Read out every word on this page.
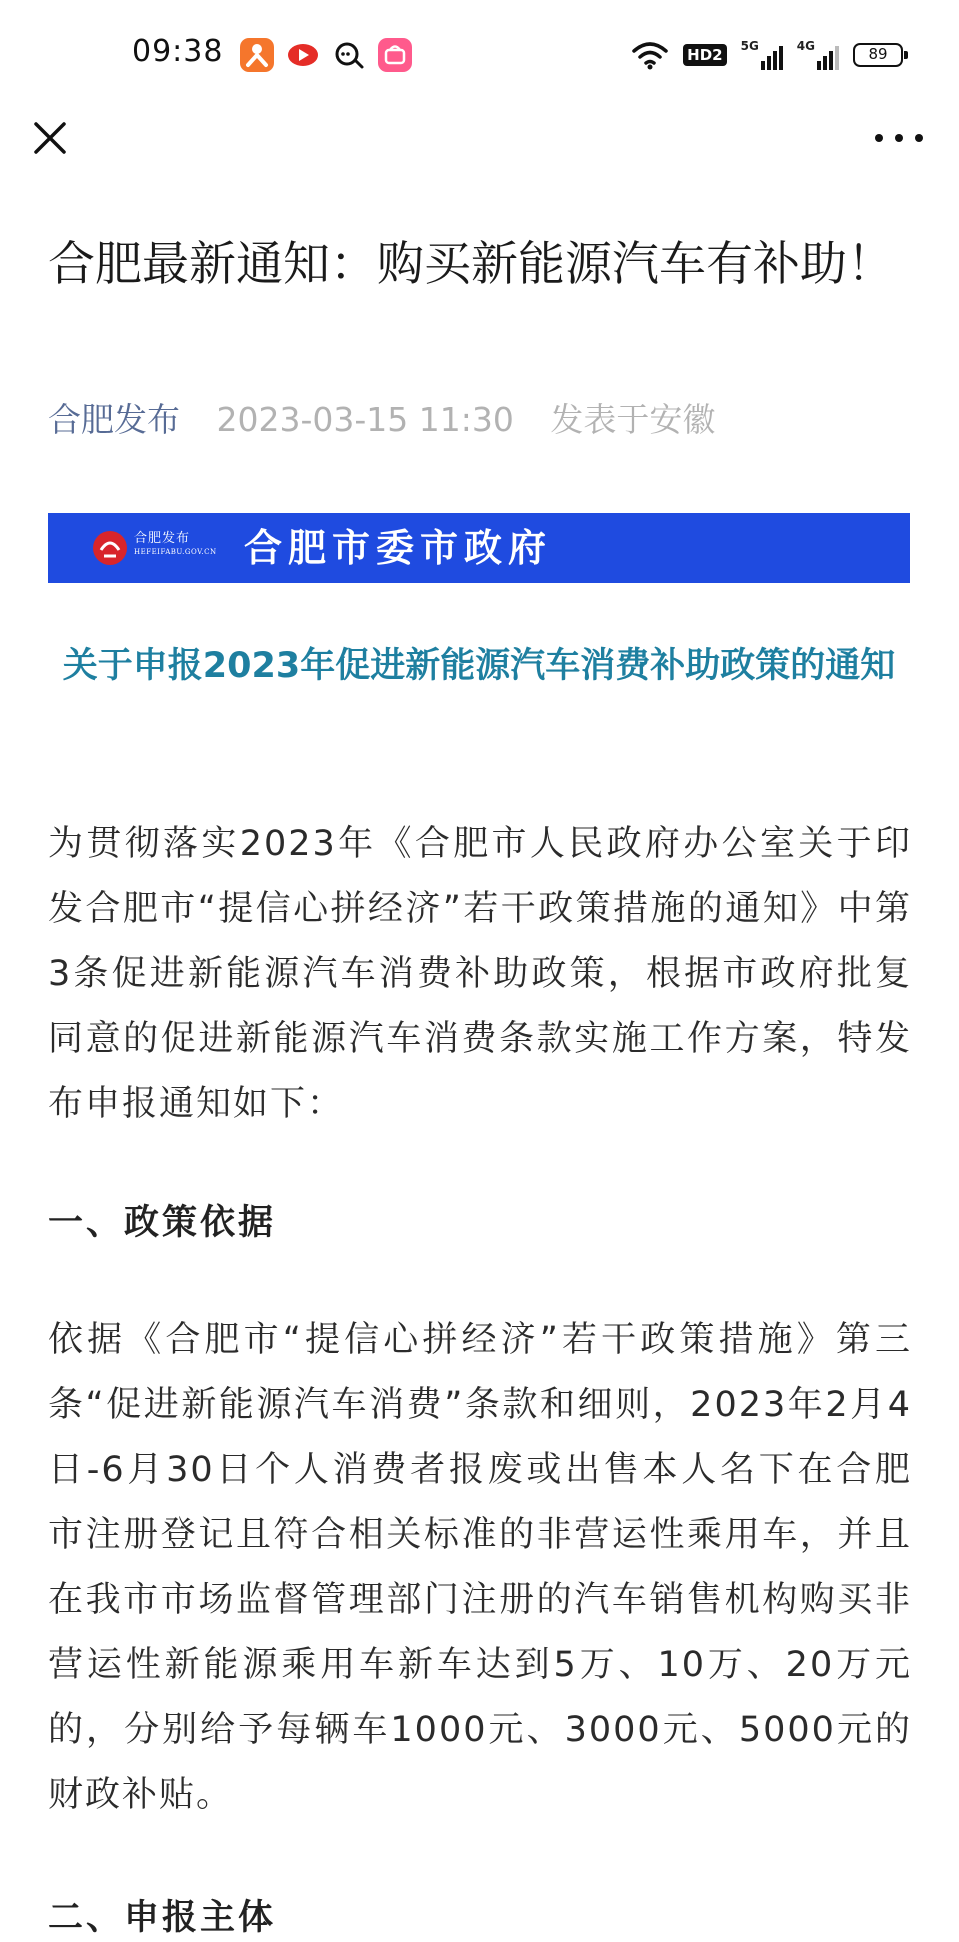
09:38	HD2	5G	4G	89
合肥最新通知：购买新能源汽车有补助！
合肥发布 2023-03-15 11:30 发表于安徽
合肥发布
HEFEIFABU.GOV.CN 合肥市委市政府
关于申报2023年促进新能源汽车消费补助政策的通知

为贯彻落实2023年《合肥市人民政府办公室关于印发合肥市“提信心拼经济”若干政策措施的通知》中第3条促进新能源汽车消费补助政策，根据市政府批复同意的促进新能源汽车消费条款实施工作方案，特发布申报通知如下：

一、政策依据

依据《合肥市“提信心拼经济”若干政策措施》第三条“促进新能源汽车消费”条款和细则，2023年2月4日-6月30日个人消费者报废或出售本人名下在合肥市注册登记且符合相关标准的非营运性乘用车，并且在我市市场监督管理部门注册的汽车销售机构购买非营运性新能源乘用车新车达到5万、10万、20万元的，分别给予每辆车1000元、3000元、5000元的财政补贴。

二、申报主体
